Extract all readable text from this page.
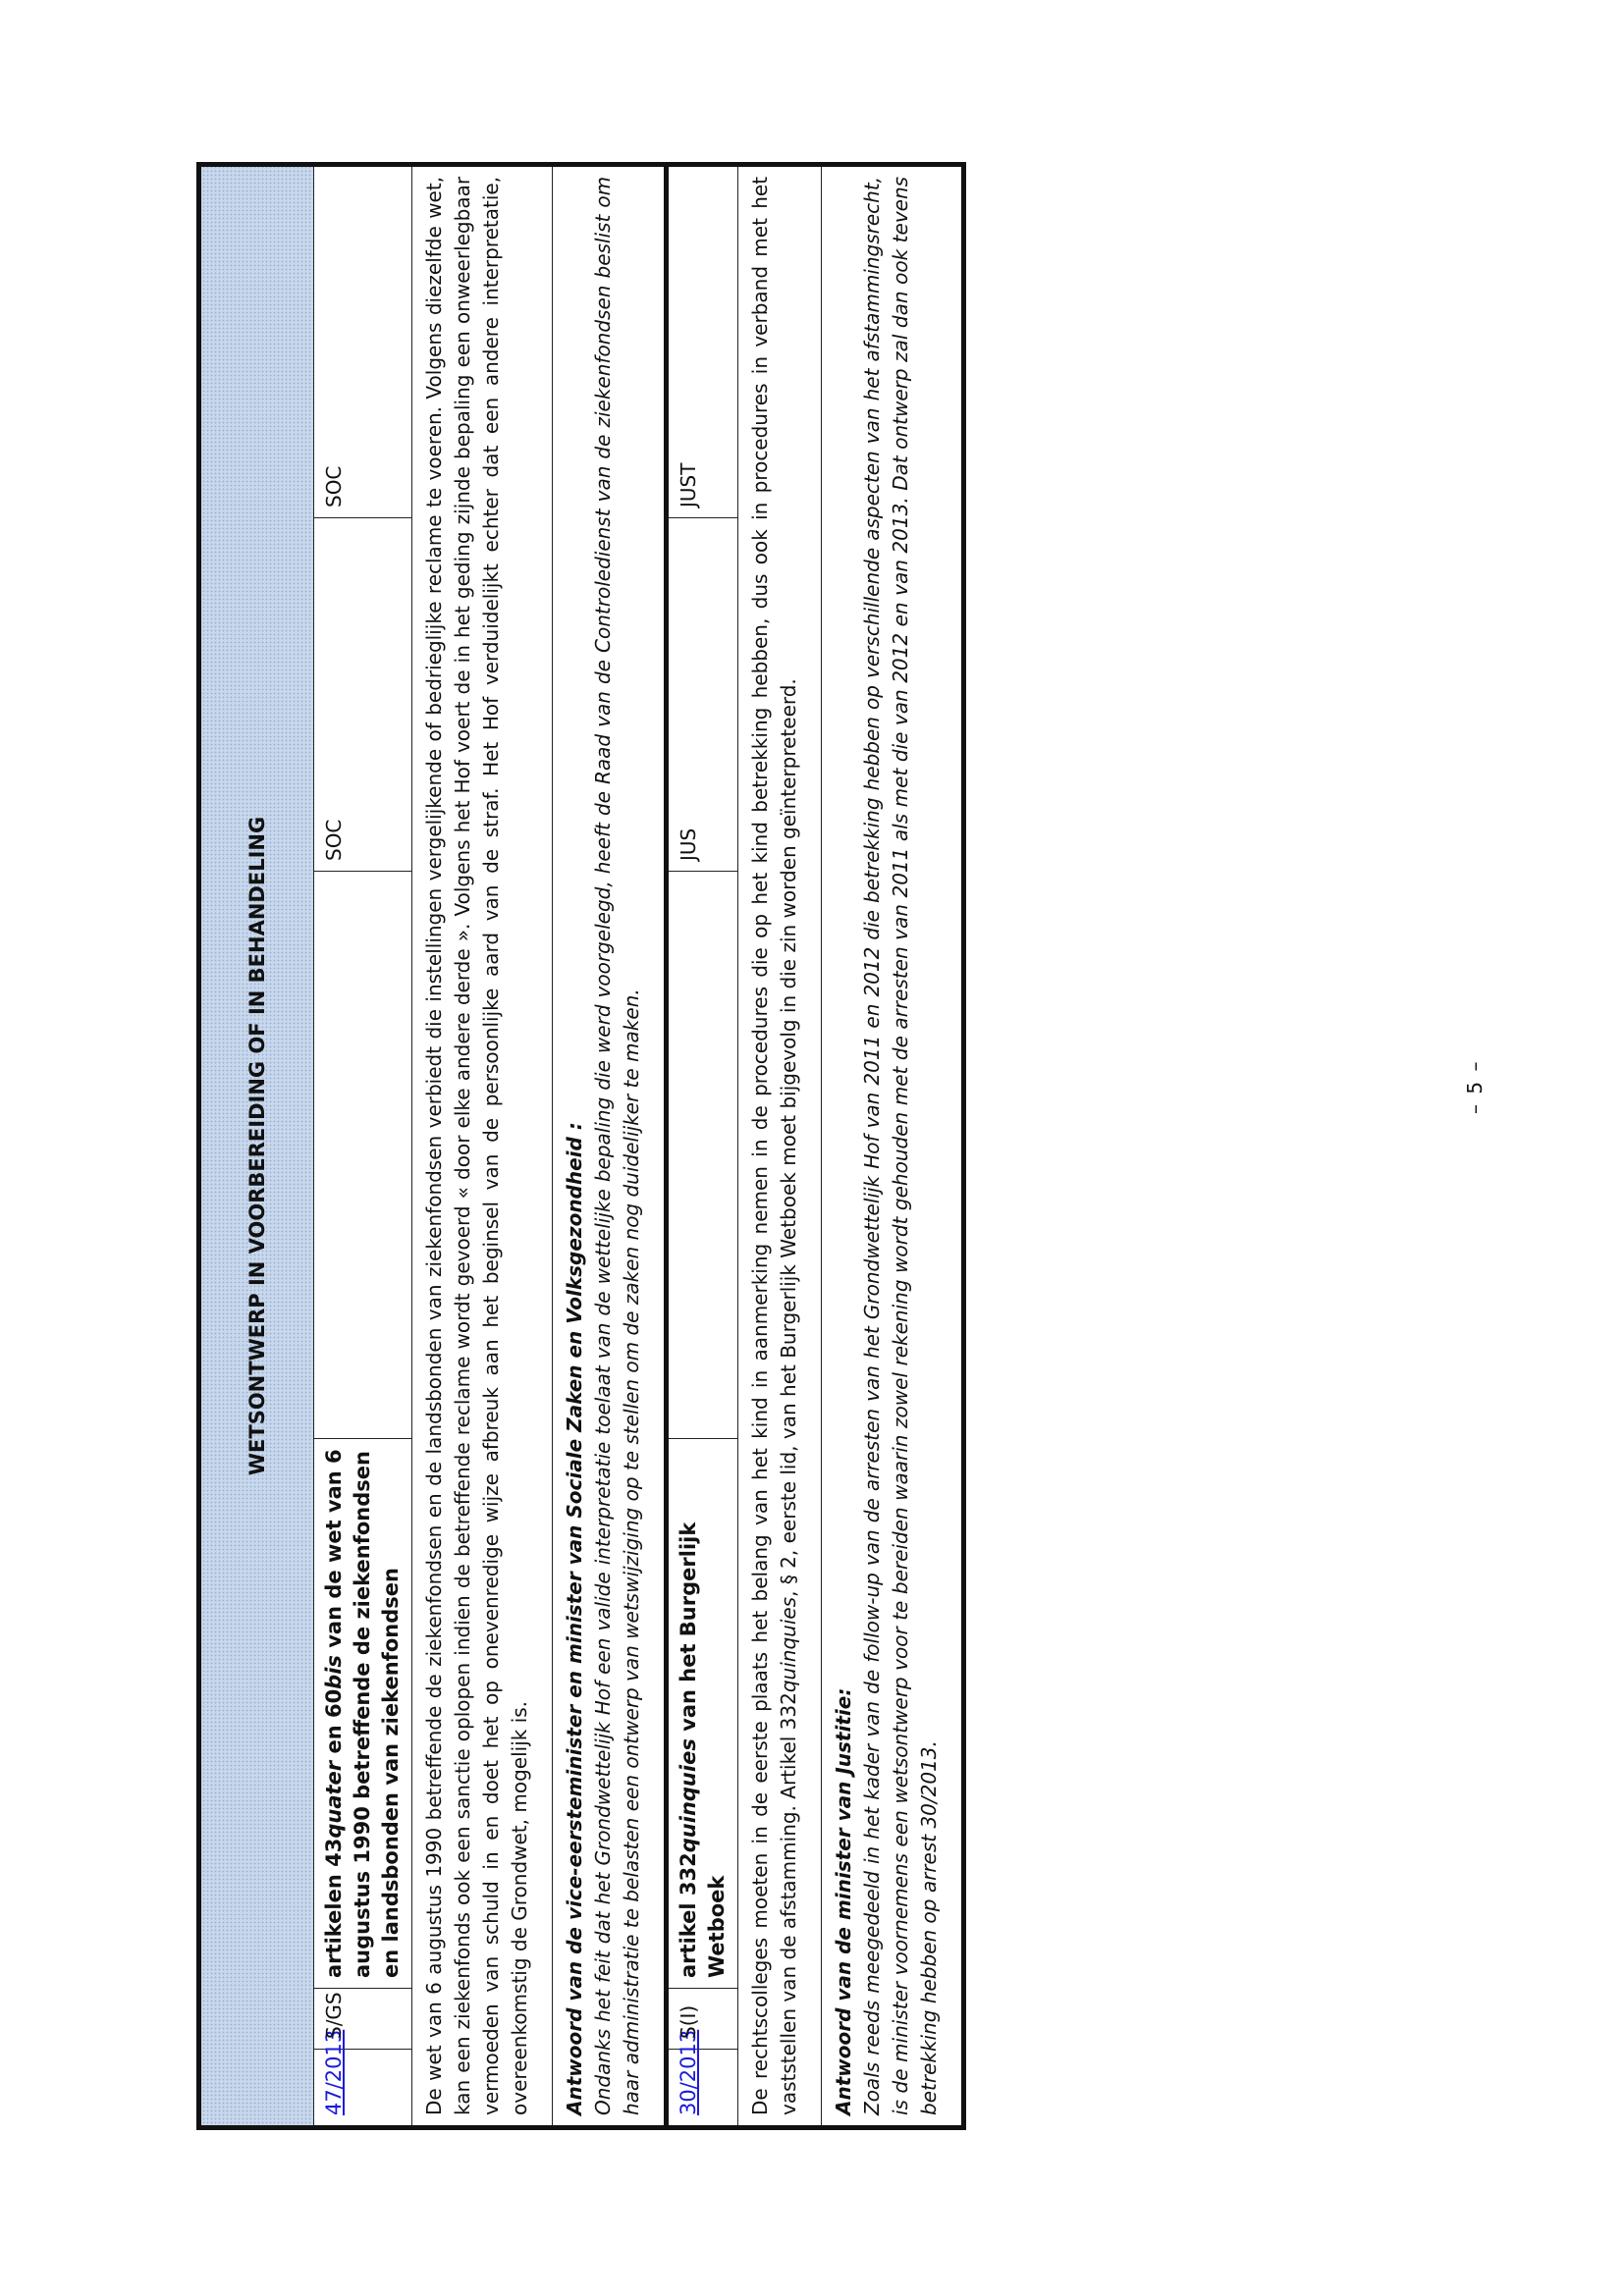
WETSONTWERP IN VOORBEREIDING OF IN BEHANDELING					
47/2013	S/GS	artikelen 43quater en 60bis van de wet van 6 augustus 1990 betreffende de ziekenfondsen en landsbonden van ziekenfondsen		SOC	SOC
De wet van 6 augustus 1990 betreffende de ziekenfondsen en de landsbonden van ziekenfondsen verbiedt die instellingen vergelijkende of bedrieglijke reclame te voeren. Volgens diezelfde wet, kan een ziekenfonds ook een sanctie oplopen indien de betreffende reclame wordt gevoerd « door elke andere derde ». Volgens het Hof voert de in het geding zijnde bepaling een onweerlegbaar vermoeden van schuld in en doet het op onevenredige wijze afbreuk aan het beginsel van de persoonlijke aard van de straf. Het Hof verduidelijkt echter dat een andere interpretatie, overeenkomstig de Grondwet, mogelijk is.					

Antwoord van de vice-eersteminister en minister van Sociale Zaken en Volksgezondheid : Ondanks het feit dat het Grondwettelijk Hof een valide interpretatie toelaat van de wettelijke bepaling die werd voorgelegd, heeft de Raad van de Controledienst van de ziekenfondsen beslist om haar administratie te belasten een ontwerp van wetswijziging op te stellen om de zaken nog duidelijker te maken.					

30/2013	S(I)	artikel 332quinquies van het Burgerlijk Wetboek		JUS	JUST
De rechtscolleges moeten in de eerste plaats het belang van het kind in aanmerking nemen in de procedures die op het kind betrekking hebben, dus ook in procedures in verband met het vaststellen van de afstamming. Artikel 332quinquies, § 2, eerste lid, van het Burgerlijk Wetboek moet bijgevolg in die zin worden geïnterpreteerd.					

Antwoord van de minister van Justitie: Zoals reeds meegedeeld in het kader van de follow-up van de arresten van het Grondwettelijk Hof van 2011 en 2012 die betrekking hebben op verschillende aspecten van het afstammingsrecht, is de minister voornemens een wetsontwerp voor te bereiden waarin zowel rekening wordt gehouden met de arresten van 2011 als met die van 2012 en van 2013. Dat ontwerp zal dan ook tevens betrekking hebben op arrest 30/2013.					
– 5 –
